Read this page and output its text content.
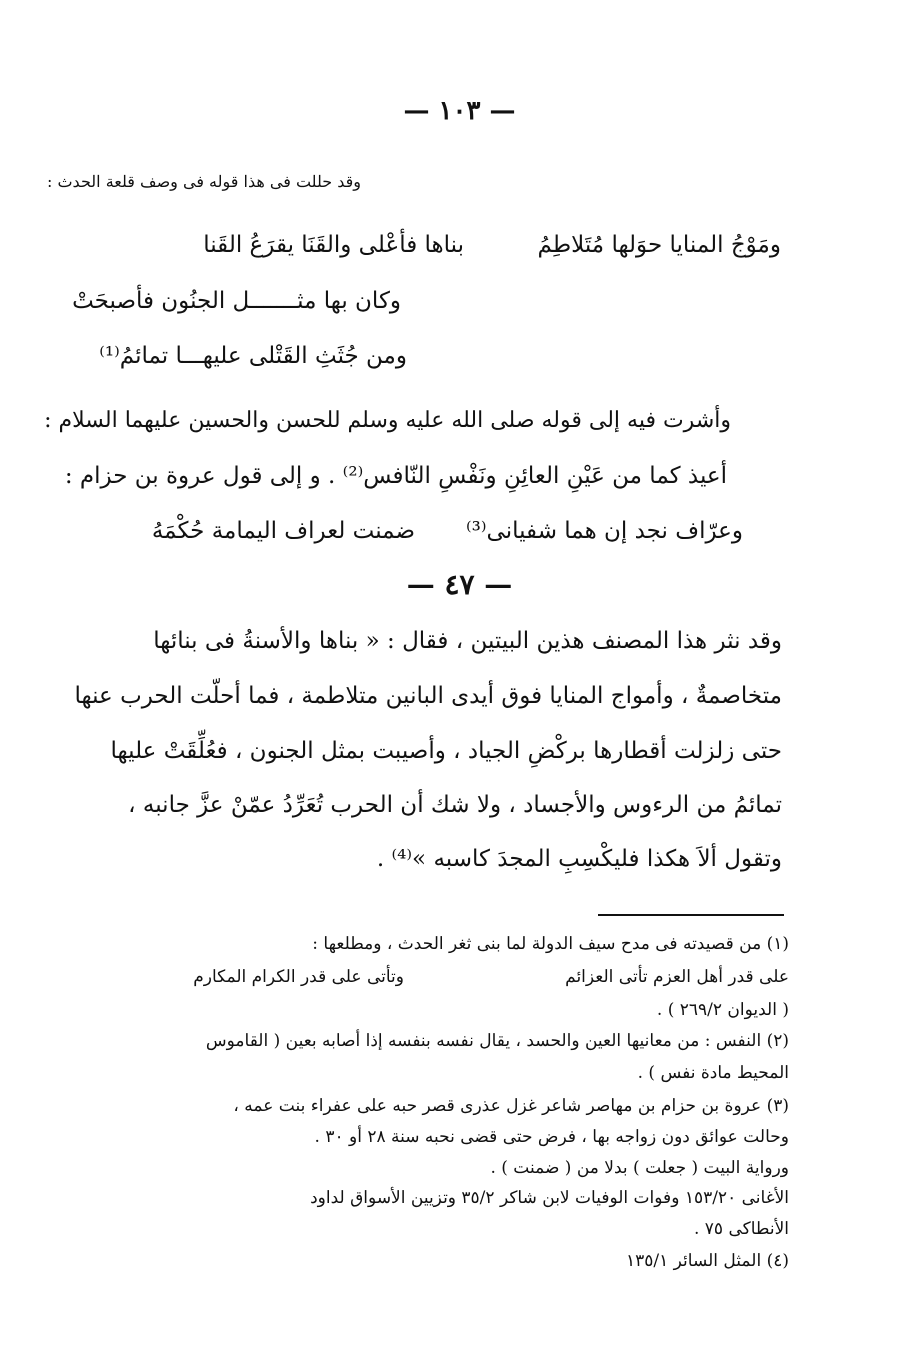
— ١٠٣ —
وقد حللت فى هذا قوله فى وصف قلعة الحدث :
بناها فأعْلى والقَنَا يقرَعُ القَنا	ومَوْجُ المنايا حوَلها مُتَلاطِمُ
وكان بها مثـــــــل الجنُون فأصبحَتْ
ومن جُثَثِ القَتْلى عليهـــا تمائمُ⁽¹⁾
وأشرت فيه إلى قوله صلى الله عليه وسلم للحسن والحسين عليهما السلام :
أعيذ كما من عَيْنِ العائِنِ ونَفْسِ النّافس⁽²⁾ . و إلى قول عروة بن حزام :
ضمنت لعراف اليمامة حُكْمَهُ وعرّاف نجد إن هما شفيانى⁽³⁾
— ٤٧ —
وقد نثر هذا المصنف هذين البيتين ، فقال : « بناها والأسنةُ فى بنائها
متخاصمةٌ ، وأمواج المنايا فوق أيدى البانين متلاطمة ، فما أحلّت الحرب عنها
حتى زلزلت أقطارها بركْضِ الجياد ، وأصيبت بمثل الجنون ، فعُلِّقَتْ عليها
تمائمُ من الرءوس والأجساد ، ولا شك أن الحرب تُعَرِّدُ عمّنْ عزَّ جانبه ،
وتقول ألاَ هكذا فليكْسِبِ المجدَ كاسبه »⁽⁴⁾ .
(١) من قصيدته فى مدح سيف الدولة لما بنى ثغر الحدث ، ومطلعها :
على قدر أهل العزم تأتى العزائم
وتأتى على قدر الكرام المكارم
( الديوان ٢٦٩/٢ ) .
(٢) النفس : من معانيها العين والحسد ، يقال نفسه بنفسه إذا أصابه بعين ( القاموس
المحيط مادة نفس ) .
(٣) عروة بن حزام بن مهاصر شاعر غزل عذرى قصر حبه على عفراء بنت عمه ،
وحالت عوائق دون زواجه بها ، فرض حتى قضى نحبه سنة ٢٨ أو ٣٠ .
ورواية البيت ( جعلت ) بدلا من ( ضمنت ) .
الأغانى ١٥٣/٢٠ وفوات الوفيات لابن شاكر ٣٥/٢ وتزيين الأسواق لداود
الأنطاكى ٧٥ .
(٤) المثل السائر ١٣٥/١
